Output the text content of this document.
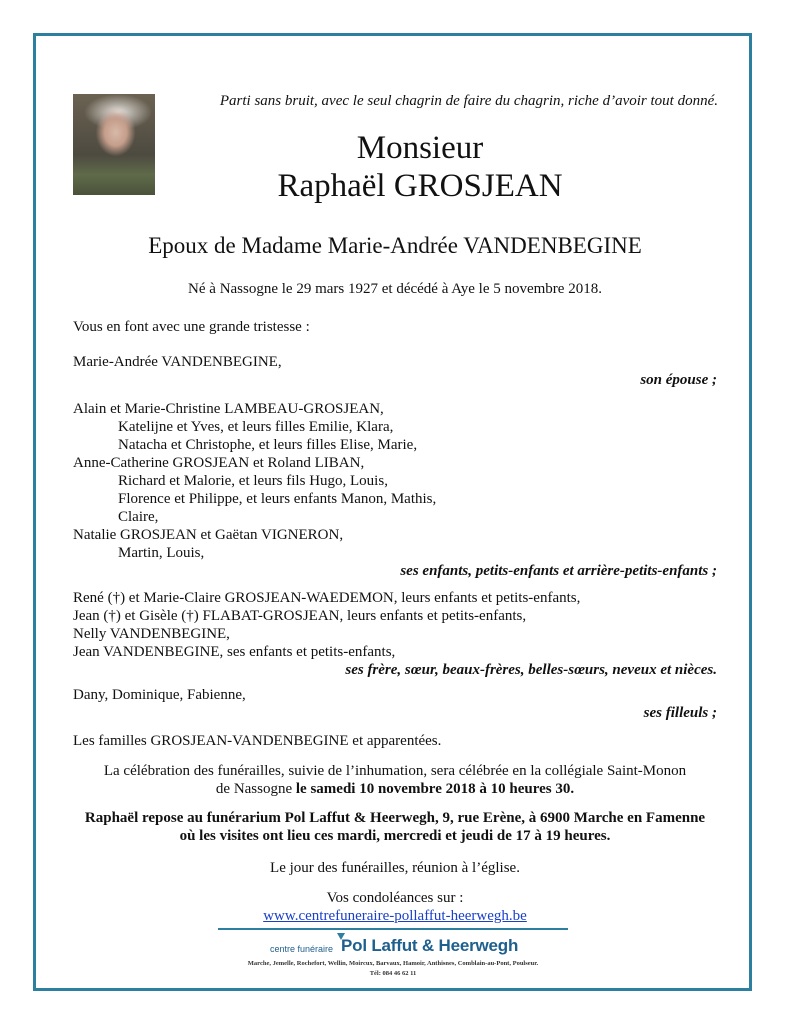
Parti sans bruit, avec le seul chagrin de faire du chagrin, riche d’avoir tout donné.
Monsieur
Raphaël GROSJEAN
Epoux de Madame Marie-Andrée VANDENBEGINE
Né à Nassogne le 29 mars 1927 et décédé à Aye le 5 novembre 2018.
Vous en font avec une grande tristesse :
Marie-Andrée VANDENBEGINE,
son épouse ;
Alain et Marie-Christine LAMBEAU-GROSJEAN,
Katelijne et Yves, et leurs filles Emilie, Klara,
Natacha et Christophe, et leurs filles Elise, Marie,
Anne-Catherine GROSJEAN et Roland LIBAN,
Richard et Malorie, et leurs fils Hugo, Louis,
Florence et Philippe, et leurs enfants Manon, Mathis,
Claire,
Natalie GROSJEAN et Gaëtan VIGNERON,
Martin, Louis,
ses enfants, petits-enfants et arrière-petits-enfants ;
René (†) et Marie-Claire GROSJEAN-WAEDEMON, leurs enfants et petits-enfants,
Jean (†) et Gisèle (†) FLABAT-GROSJEAN, leurs enfants et petits-enfants,
Nelly VANDENBEGINE,
Jean VANDENBEGINE, ses enfants et petits-enfants,
ses frère, sœur, beaux-frères, belles-sœurs, neveux et nièces.
Dany, Dominique, Fabienne,
ses filleuls ;
Les familles GROSJEAN-VANDENBEGINE et apparentées.
La célébration des funérailles, suivie de l’inhumation, sera célébrée en la collégiale Saint-Monon
de Nassogne le samedi 10 novembre 2018 à 10 heures 30.
Raphaël repose au funérarium Pol Laffut & Heerwegh, 9, rue Erène, à 6900 Marche en Famenne
où les visites ont lieu ces mardi, mercredi et jeudi de 17 à 19 heures.
Le jour des funérailles, réunion à l’église.
Vos condoléances sur :
www.centrefuneraire-pollaffut-heerwegh.be
centre funéraire Pol Laffut & Heerwegh
Marche, Jemelle, Rochefort, Wellin, Moircux, Barvaux, Hamoir, Anthisnes, Comblain-au-Pont, Poulseur.
Tél: 084 46 62 11
